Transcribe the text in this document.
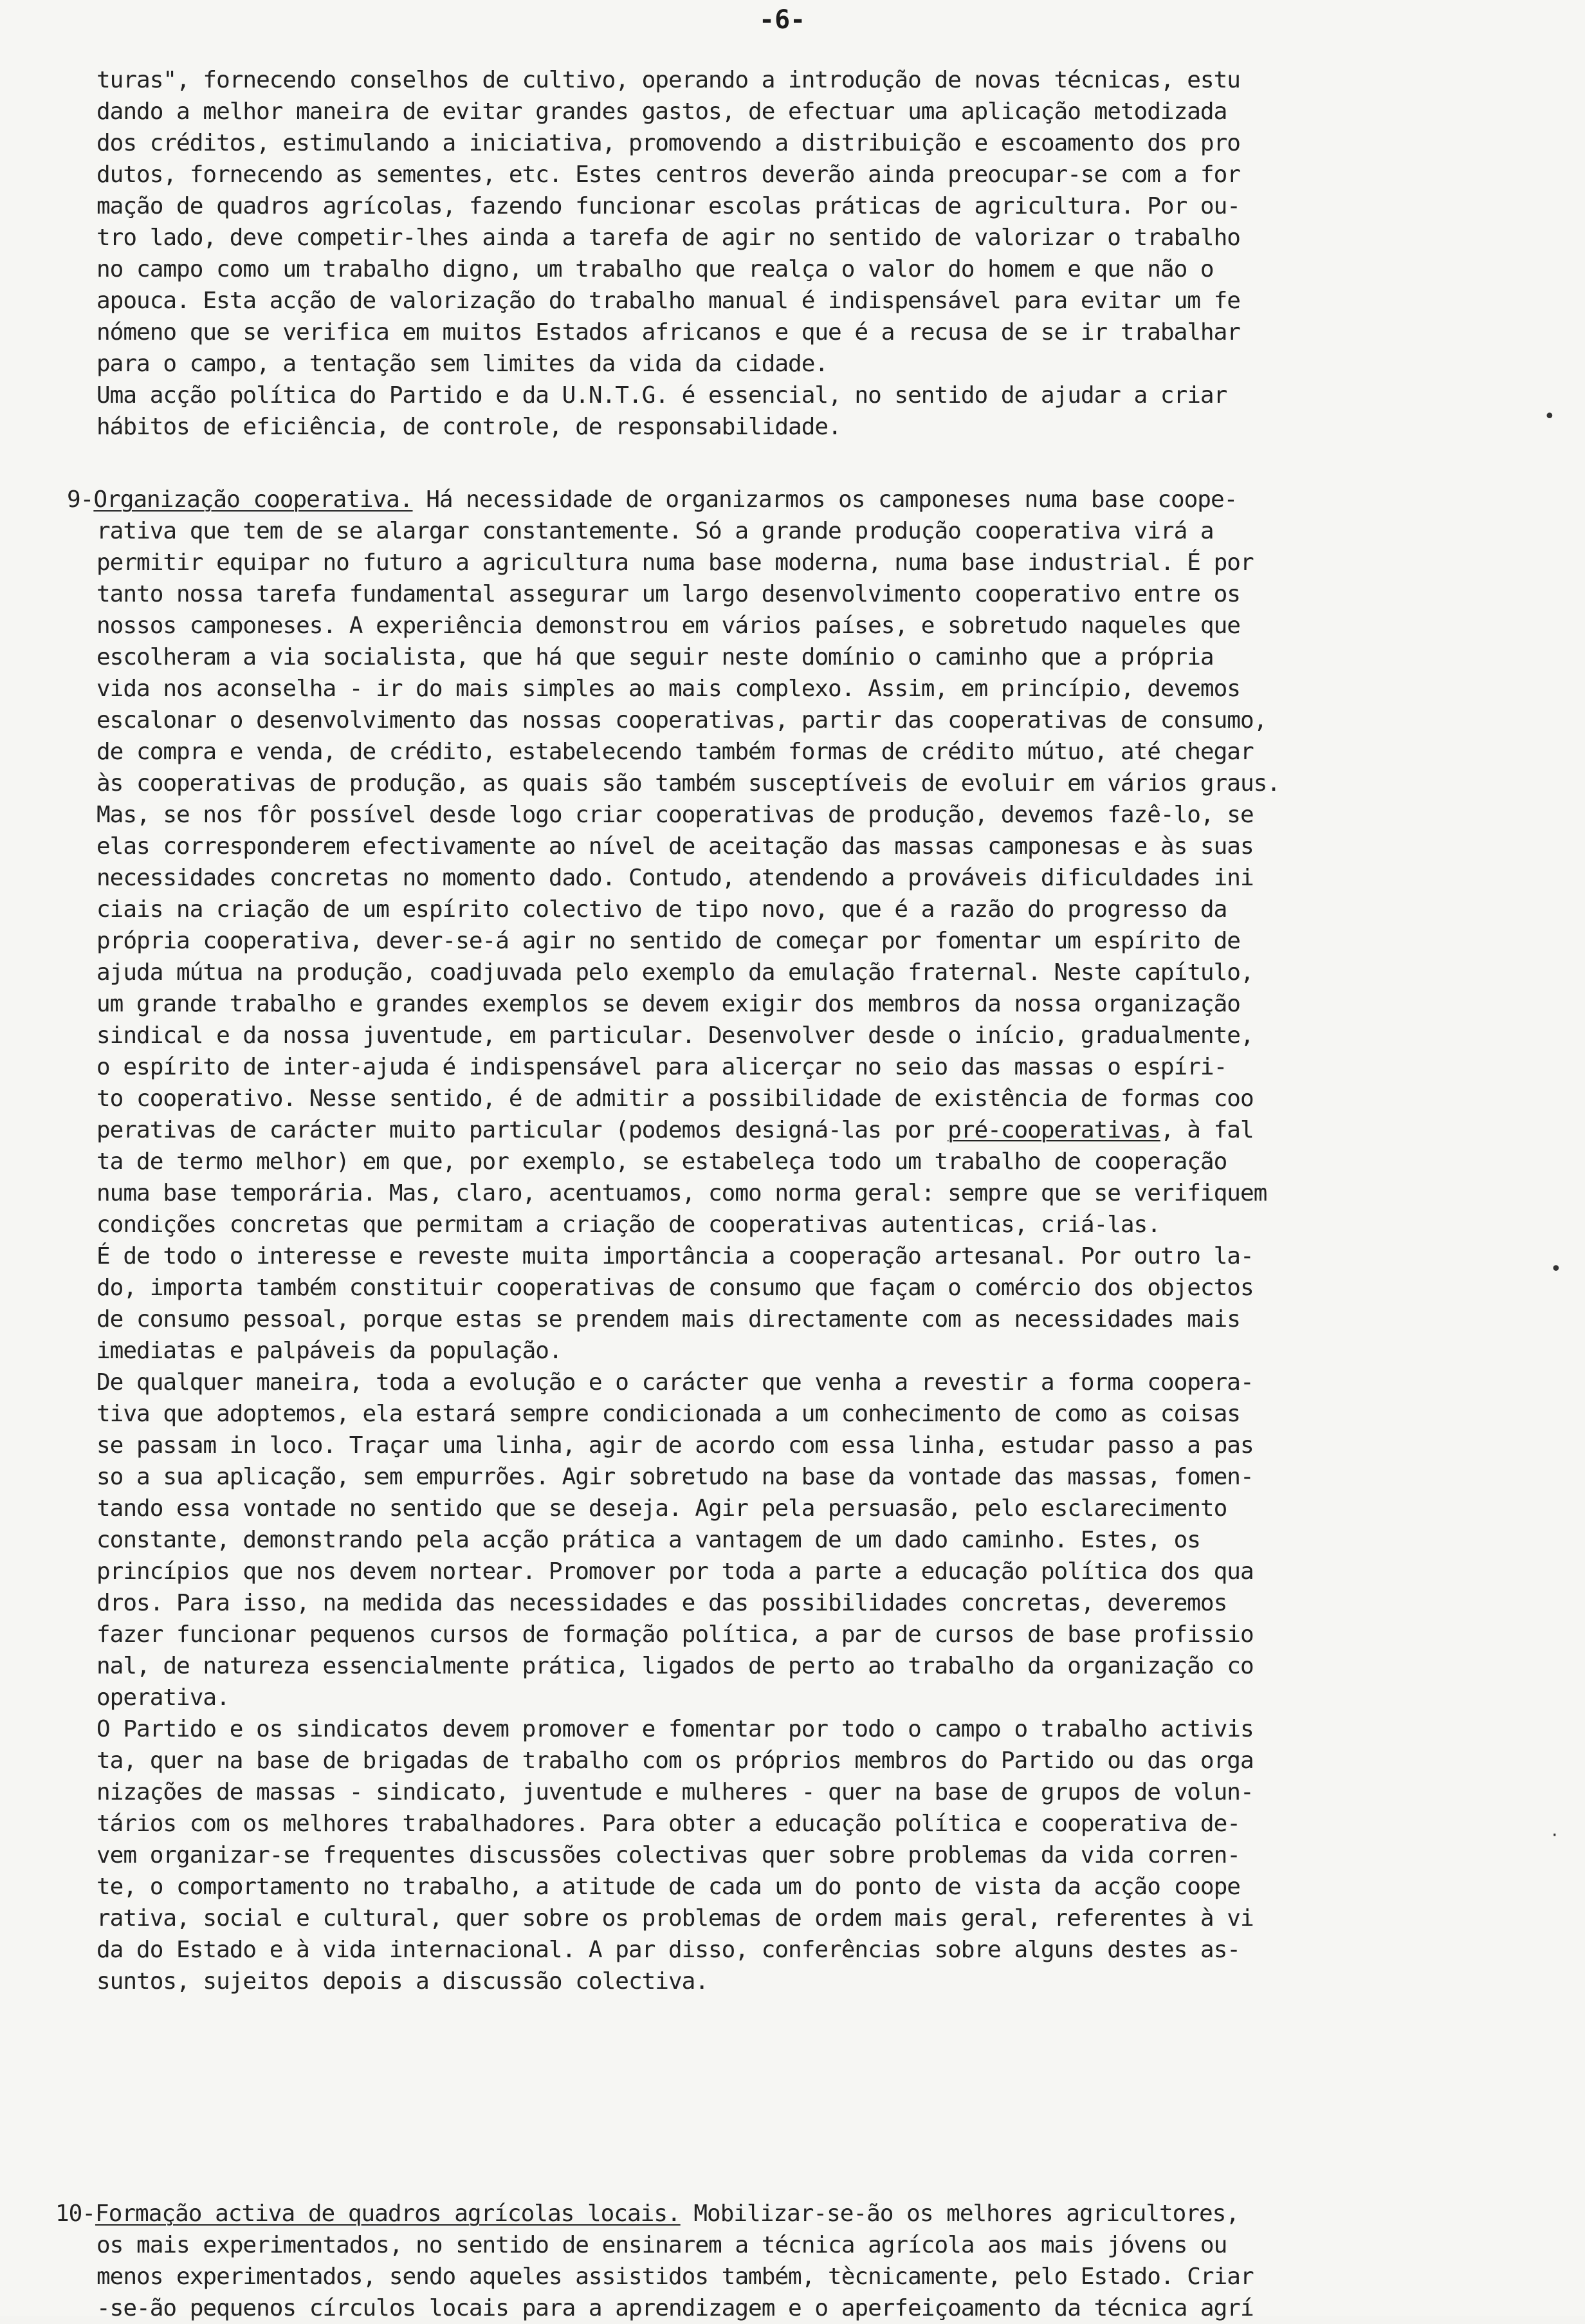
-6-
turas", fornecendo conselhos de cultivo, operando a introdução de novas técnicas, estu
dando a melhor maneira de evitar grandes gastos, de efectuar uma aplicação metodizada
dos créditos, estimulando a iniciativa, promovendo a distribuição e escoamento dos pro
dutos, fornecendo as sementes, etc. Estes centros deverão ainda preocupar-se com a for
mação de quadros agrícolas, fazendo funcionar escolas práticas de agricultura. Por ou-
tro lado, deve competir-lhes ainda a tarefa de agir no sentido de valorizar o trabalho
no campo como um trabalho digno, um trabalho que realça o valor do homem e que não o
apouca. Esta acção de valorização do trabalho manual é indispensável para evitar um fe
nómeno que se verifica em muitos Estados africanos e que é a recusa de se ir trabalhar
para o campo, a tentação sem limites da vida da cidade.
Uma acção política do Partido e da U.N.T.G. é essencial, no sentido de ajudar a criar
hábitos de eficiência, de controle, de responsabilidade.
9-Organização cooperativa. Há necessidade de organizarmos os camponeses numa base coope-
rativa que tem de se alargar constantemente. Só a grande produção cooperativa virá a
permitir equipar no futuro a agricultura numa base moderna, numa base industrial. É por
tanto nossa tarefa fundamental assegurar um largo desenvolvimento cooperativo entre os
nossos camponeses. A experiência demonstrou em vários países, e sobretudo naqueles que
escolheram a via socialista, que há que seguir neste domínio o caminho que a própria
vida nos aconselha - ir do mais simples ao mais complexo. Assim, em princípio, devemos
escalonar o desenvolvimento das nossas cooperativas, partir das cooperativas de consumo,
de compra e venda, de crédito, estabelecendo também formas de crédito mútuo, até chegar
às cooperativas de produção, as quais são também susceptíveis de evoluir em vários graus.
Mas, se nos fôr possível desde logo criar cooperativas de produção, devemos fazê-lo, se
elas corresponderem efectivamente ao nível de aceitação das massas camponesas e às suas
necessidades concretas no momento dado. Contudo, atendendo a prováveis dificuldades ini
ciais na criação de um espírito colectivo de tipo novo, que é a razão do progresso da
própria cooperativa, dever-se-á agir no sentido de começar por fomentar um espírito de
ajuda mútua na produção, coadjuvada pelo exemplo da emulação fraternal. Neste capítulo,
um grande trabalho e grandes exemplos se devem exigir dos membros da nossa organização
sindical e da nossa juventude, em particular. Desenvolver desde o início, gradualmente,
o espírito de inter-ajuda é indispensável para alicerçar no seio das massas o espíri-
to cooperativo. Nesse sentido, é de admitir a possibilidade de existência de formas coo
perativas de carácter muito particular (podemos designá-las por pré-cooperativas, à fal
ta de termo melhor) em que, por exemplo, se estabeleça todo um trabalho de cooperação
numa base temporária. Mas, claro, acentuamos, como norma geral: sempre que se verifiquem
condições concretas que permitam a criação de cooperativas autenticas, criá-las.
É de todo o interesse e reveste muita importância a cooperação artesanal. Por outro la-
do, importa também constituir cooperativas de consumo que façam o comércio dos objectos
de consumo pessoal, porque estas se prendem mais directamente com as necessidades mais
imediatas e palpáveis da população.
De qualquer maneira, toda a evolução e o carácter que venha a revestir a forma coopera-
tiva que adoptemos, ela estará sempre condicionada a um conhecimento de como as coisas
se passam in loco. Traçar uma linha, agir de acordo com essa linha, estudar passo a pas
so a sua aplicação, sem empurrões. Agir sobretudo na base da vontade das massas, fomen-
tando essa vontade no sentido que se deseja. Agir pela persuasão, pelo esclarecimento
constante, demonstrando pela acção prática a vantagem de um dado caminho. Estes, os
princípios que nos devem nortear. Promover por toda a parte a educação política dos qua
dros. Para isso, na medida das necessidades e das possibilidades concretas, deveremos
fazer funcionar pequenos cursos de formação política, a par de cursos de base profissio
nal, de natureza essencialmente prática, ligados de perto ao trabalho da organização co
operativa.
O Partido e os sindicatos devem promover e fomentar por todo o campo o trabalho activis
ta, quer na base de brigadas de trabalho com os próprios membros do Partido ou das orga
nizações de massas - sindicato, juventude e mulheres - quer na base de grupos de volun-
tários com os melhores trabalhadores. Para obter a educação política e cooperativa de-
vem organizar-se frequentes discussões colectivas quer sobre problemas da vida corren-
te, o comportamento no trabalho, a atitude de cada um do ponto de vista da acção coope
rativa, social e cultural, quer sobre os problemas de ordem mais geral, referentes à vi
da do Estado e à vida internacional. A par disso, conferências sobre alguns destes as-
suntos, sujeitos depois a discussão colectiva.
10-Formação activa de quadros agrícolas locais. Mobilizar-se-ão os melhores agricultores,
os mais experimentados, no sentido de ensinarem a técnica agrícola aos mais jóvens ou
menos experimentados, sendo aqueles assistidos também, tècnicamente, pelo Estado. Criar
-se-ão pequenos círculos locais para a aprendizagem e o aperfeiçoamento da técnica agrí
•
•
·
